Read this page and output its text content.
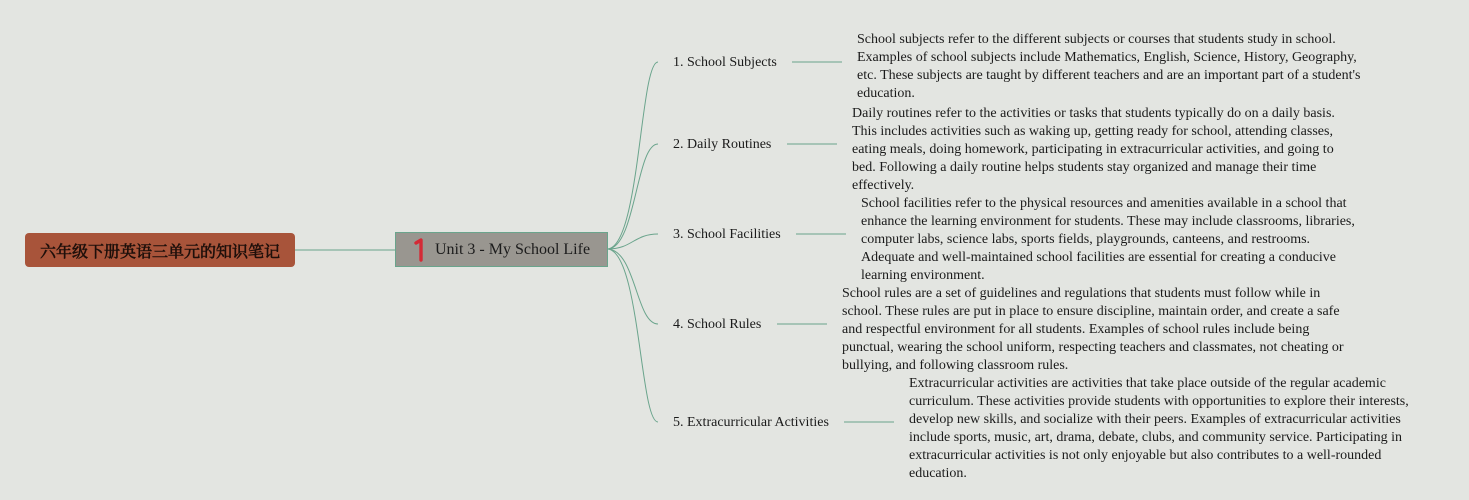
六年级下册英语三单元的知识笔记	Unit 3 - My School Life
1. School Subjects
School subjects refer to the different subjects or courses that students study in school. Examples of school subjects include Mathematics, English, Science, History, Geography, etc. These subjects are taught by different teachers and are an important part of a student's education.
2. Daily Routines
Daily routines refer to the activities or tasks that students typically do on a daily basis. This includes activities such as waking up, getting ready for school, attending classes, eating meals, doing homework, participating in extracurricular activities, and going to bed. Following a daily routine helps students stay organized and manage their time effectively.
3. School Facilities
School facilities refer to the physical resources and amenities available in a school that enhance the learning environment for students. These may include classrooms, libraries, computer labs, science labs, sports fields, playgrounds, canteens, and restrooms. Adequate and well-maintained school facilities are essential for creating a conducive learning environment.
4. School Rules
School rules are a set of guidelines and regulations that students must follow while in school. These rules are put in place to ensure discipline, maintain order, and create a safe and respectful environment for all students. Examples of school rules include being punctual, wearing the school uniform, respecting teachers and classmates, not cheating or bullying, and following classroom rules.
5. Extracurricular Activities
Extracurricular activities are activities that take place outside of the regular academic curriculum. These activities provide students with opportunities to explore their interests, develop new skills, and socialize with their peers. Examples of extracurricular activities include sports, music, art, drama, debate, clubs, and community service. Participating in extracurricular activities is not only enjoyable but also contributes to a well-rounded education.
